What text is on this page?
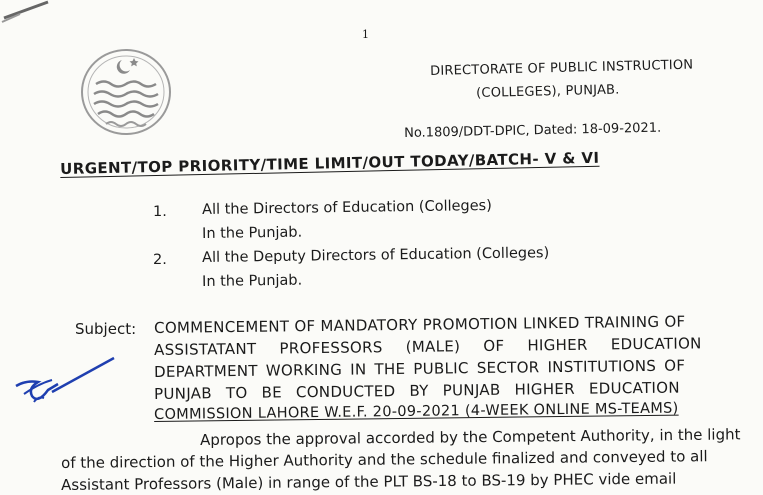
1
DIRECTORATE OF PUBLIC INSTRUCTION
(COLLEGES), PUNJAB.
No.1809/DDT-DPIC, Dated: 18-09-2021.
URGENT/TOP PRIORITY/TIME LIMIT/OUT TODAY/BATCH- V & VI
1. All the Directors of Education (Colleges)
In the Punjab.
2. All the Deputy Directors of Education (Colleges)
In the Punjab.
Subject: COMMENCEMENT OF MANDATORY PROMOTION LINKED TRAINING OF
ASSISTATANT PROFESSORS (MALE) OF HIGHER EDUCATION
DEPARTMENT WORKING IN THE PUBLIC SECTOR INSTITUTIONS OF
PUNJAB TO BE CONDUCTED BY PUNJAB HIGHER EDUCATION
COMMISSION LAHORE W.E.F. 20-09-2021 (4-WEEK ONLINE MS-TEAMS)
Apropos the approval accorded by the Competent Authority, in the light
of the direction of the Higher Authority and the schedule finalized and conveyed to all
Assistant Professors (Male) in range of the PLT BS-18 to BS-19 by PHEC vide email
